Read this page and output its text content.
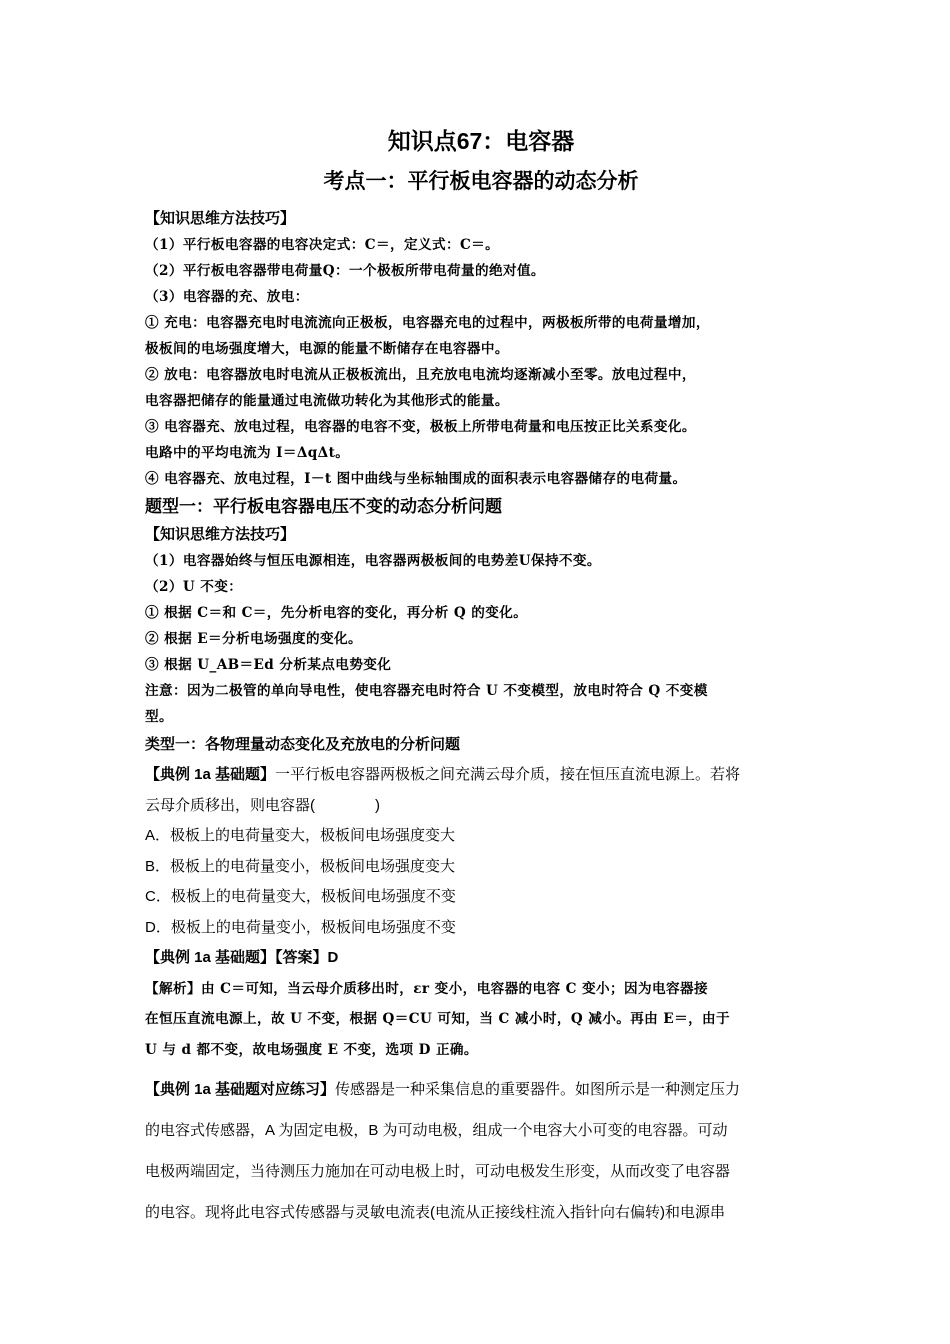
知识点67：电容器
考点一：平行板电容器的动态分析

【知识思维方法技巧】

（1）平行板电容器的电容决定式：C＝，定义式：C＝。

（2）平行板电容器带电荷量Q：一个极板所带电荷量的绝对值。

（3）电容器的充、放电：

① 充电：电容器充电时电流流向正极板，电容器充电的过程中，两极板所带的电荷量增加，

极板间的电场强度增大，电源的能量不断储存在电容器中。

② 放电：电容器放电时电流从正极板流出，且充放电电流均逐渐减小至零。放电过程中，

电容器把储存的能量通过电流做功转化为其他形式的能量。

③ 电容器充、放电过程，电容器的电容不变，极板上所带电荷量和电压按正比关系变化。

电路中的平均电流为 I＝ΔqΔt。

④ 电容器充、放电过程，I－t 图中曲线与坐标轴围成的面积表示电容器储存的电荷量。

题型一：平行板电容器电压不变的动态分析问题

【知识思维方法技巧】

（1）电容器始终与恒压电源相连，电容器两极板间的电势差U保持不变。

（2）U 不变：

① 根据 C＝和 C＝，先分析电容的变化，再分析 Q 的变化。

② 根据 E＝分析电场强度的变化。

③ 根据 U_AB＝Ed 分析某点电势变化

注意：因为二极管的单向导电性，使电容器充电时符合 U 不变模型，放电时符合 Q 不变模

型。

类型一：各物理量动态变化及充放电的分析问题

【典例 1a 基础题】一平行板电容器两极板之间充满云母介质，接在恒压直流电源上。若将

云母介质移出，则电容器(　　　　)

A．极板上的电荷量变大，极板间电场强度变大

B．极板上的电荷量变小，极板间电场强度变大

C．极板上的电荷量变大，极板间电场强度不变

D．极板上的电荷量变小，极板间电场强度不变

【典例 1a 基础题】【答案】D

【解析】由 C＝可知，当云母介质移出时，εr 变小，电容器的电容 C 变小；因为电容器接

在恒压直流电源上，故 U 不变，根据 Q＝CU 可知，当 C 减小时，Q 减小。再由 E＝，由于

U 与 d 都不变，故电场强度 E 不变，选项 D 正确。

【典例 1a 基础题对应练习】传感器是一种采集信息的重要器件。如图所示是一种测定压力

的电容式传感器，A 为固定电极，B 为可动电极，组成一个电容大小可变的电容器。可动

电极两端固定，当待测压力施加在可动电极上时，可动电极发生形变，从而改变了电容器

的电容。现将此电容式传感器与灵敏电流表(电流从正接线柱流入指针向右偏转)和电源串
